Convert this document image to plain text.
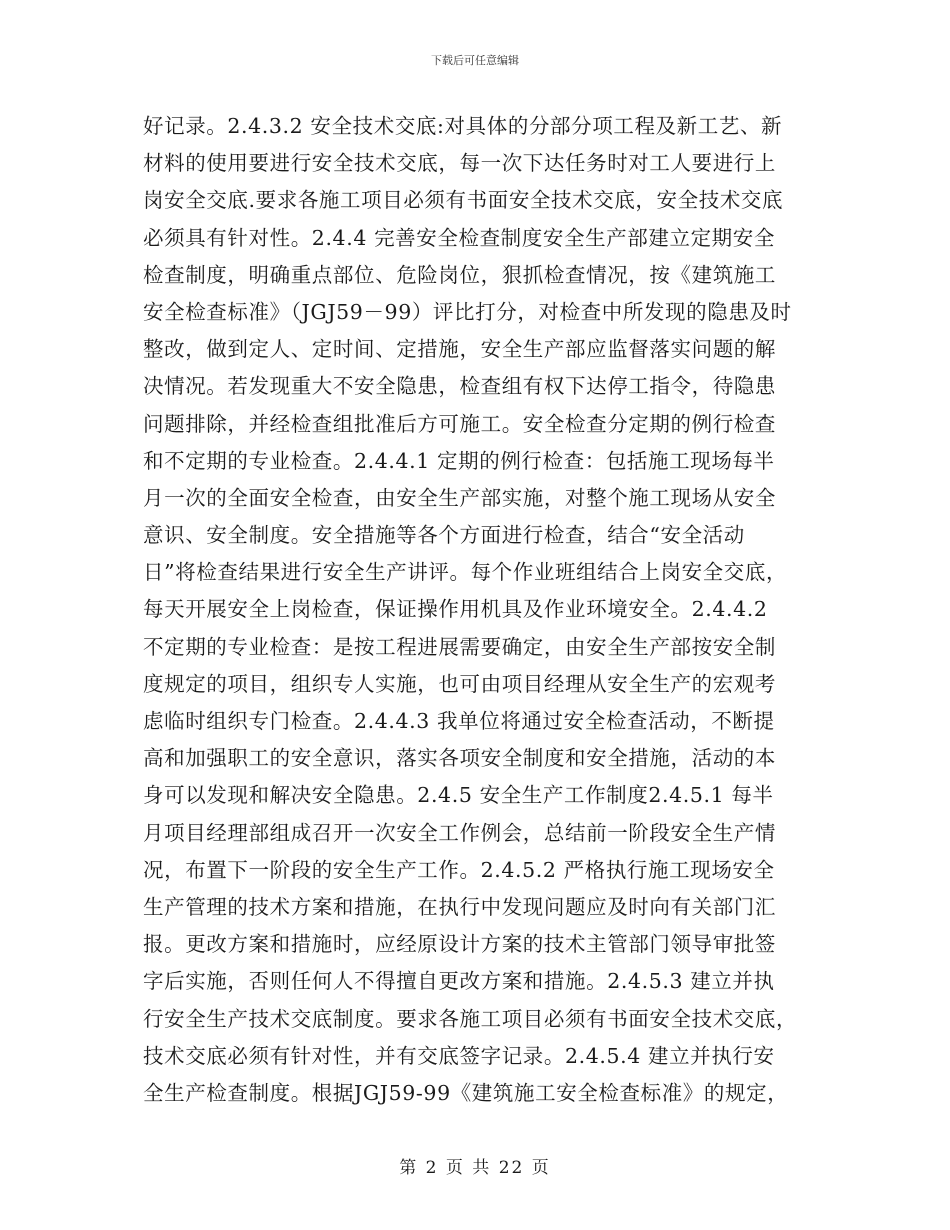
下载后可任意编辑
好记录。2.4.3.2 安全技术交底:对具体的分部分项工程及新工艺、新
材料的使用要进行安全技术交底，每一次下达任务时对工人要进行上
岗安全交底.要求各施工项目必须有书面安全技术交底，安全技术交底
必须具有针对性。2.4.4 完善安全检查制度安全生产部建立定期安全
检查制度，明确重点部位、危险岗位，狠抓检查情况，按《建筑施工
安全检查标准》（JGJ59－99）评比打分，对检查中所发现的隐患及时
整改，做到定人、定时间、定措施，安全生产部应监督落实问题的解
决情况。若发现重大不安全隐患，检查组有权下达停工指令，待隐患
问题排除，并经检查组批准后方可施工。安全检查分定期的例行检查
和不定期的专业检查。2.4.4.1 定期的例行检查：包括施工现场每半
月一次的全面安全检查，由安全生产部实施，对整个施工现场从安全
意识、安全制度。安全措施等各个方面进行检查，结合“安全活动
日”将检查结果进行安全生产讲评。每个作业班组结合上岗安全交底，
每天开展安全上岗检查，保证操作用机具及作业环境安全。2.4.4.2
不定期的专业检查：是按工程进展需要确定，由安全生产部按安全制
度规定的项目，组织专人实施，也可由项目经理从安全生产的宏观考
虑临时组织专门检查。2.4.4.3 我单位将通过安全检查活动，不断提
高和加强职工的安全意识，落实各项安全制度和安全措施，活动的本
身可以发现和解决安全隐患。2.4.5 安全生产工作制度2.4.5.1 每半
月项目经理部组成召开一次安全工作例会，总结前一阶段安全生产情
况，布置下一阶段的安全生产工作。2.4.5.2 严格执行施工现场安全
生产管理的技术方案和措施，在执行中发现问题应及时向有关部门汇
报。更改方案和措施时，应经原设计方案的技术主管部门领导审批签
字后实施，否则任何人不得擅自更改方案和措施。2.4.5.3 建立并执
行安全生产技术交底制度。要求各施工项目必须有书面安全技术交底，
技术交底必须有针对性，并有交底签字记录。2.4.5.4 建立并执行安
全生产检查制度。根据JGJ59-99《建筑施工安全检查标准》的规定，
第 2 页 共 22 页
